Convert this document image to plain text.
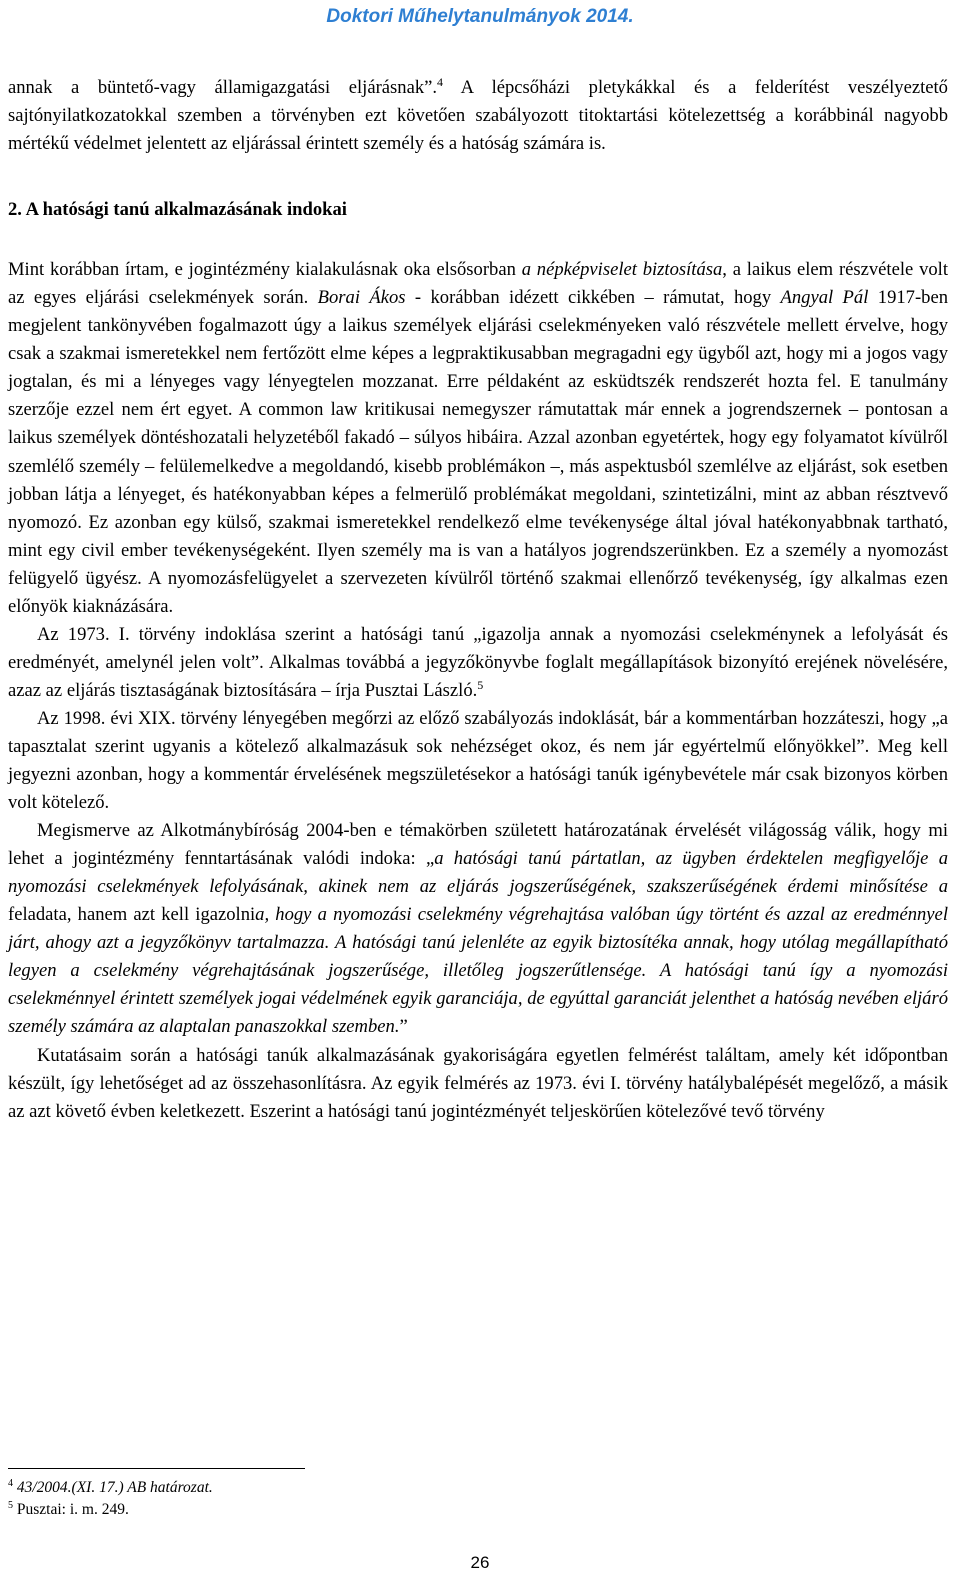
Doktori Műhelytanulmányok 2014.

annak a büntető-vagy államigazgatási eljárásnak”.$^4$ A lépcsőházi pletykákkal és a felderítést veszélyeztető sajtónyilatkozatokkal szemben a törvényben ezt követően szabályozott titoktartási kötelezettség a korábbinál nagyobb mértékű védelmet jelentett az eljárással érintett személy és a hatóság számára is.

2. A hatósági tanú alkalmazásának indokai

Mint korábban írtam, e jogintézmény kialakulásnak oka elsősorban a népképviselet biztosítása, a laikus elem részvétele volt az egyes eljárási cselekmények során. Borai Ákos - korábban idézett cikkében – rámutat, hogy Angyal Pál 1917-ben megjelent tankönyvében fogalmazott úgy a laikus személyek eljárási cselekményeken való részvétele mellett érvelve, hogy csak a szakmai ismeretekkel nem fertőzött elme képes a legpraktikusabban megragadni egy ügyből azt, hogy mi a jogos vagy jogtalan, és mi a lényeges vagy lényegtelen mozzanat. Erre példaként az esküdtszék rendszerét hozta fel. E tanulmány szerzője ezzel nem ért egyet. A common law kritikusai nemegyszer rámutattak már ennek a jogrendszernek – pontosan a laikus személyek döntéshozatali helyzetéből fakadó – súlyos hibáira. Azzal azonban egyetértek, hogy egy folyamatot kívülről szemlélő személy – felülemelkedve a megoldandó, kisebb problémákon –, más aspektusból szemlélve az eljárást, sok esetben jobban látja a lényeget, és hatékonyabban képes a felmerülő problémákat megoldani, szintetizálni, mint az abban résztvevő nyomozó. Ez azonban egy külső, szakmai ismeretekkel rendelkező elme tevékenysége által jóval hatékonyabbnak tartható, mint egy civil ember tevékenységeként. Ilyen személy ma is van a hatályos jogrendszerünkben. Ez a személy a nyomozást felügyelő ügyész. A nyomozásfelügyelet a szervezeten kívülről történő szakmai ellenőrző tevékenység, így alkalmas ezen előnyök kiaknázására.

Az 1973. I. törvény indoklása szerint a hatósági tanú „igazolja annak a nyomozási cselekménynek a lefolyását és eredményét, amelynél jelen volt”. Alkalmas továbbá a jegyzőkönyvbe foglalt megállapítások bizonyító erejének növelésére, azaz az eljárás tisztaságának biztosítására – írja Pusztai László.$^5$

Az 1998. évi XIX. törvény lényegében megőrzi az előző szabályozás indoklását, bár a kommentárban hozzáteszi, hogy „a tapasztalat szerint ugyanis a kötelező alkalmazásuk sok nehézséget okoz, és nem jár egyértelmű előnyökkel”. Meg kell jegyezni azonban, hogy a kommentár érvelésének megszületésekor a hatósági tanúk igénybevétele már csak bizonyos körben volt kötelező.

Megismerve az Alkotmánybíróság 2004-ben e témakörben született határozatának érvelését világosság válik, hogy mi lehet a jogintézmény fenntartásának valódi indoka: „a hatósági tanú pártatlan, az ügyben érdektelen megfigyelője a nyomozási cselekmények lefolyásának, akinek nem az eljárás jogszerűségének, szakszerűségének érdemi minősítése a feladata, hanem azt kell igazolnia, hogy a nyomozási cselekmény végrehajtása valóban úgy történt és azzal az eredménnyel járt, ahogy azt a jegyzőkönyv tartalmazza. A hatósági tanú jelenléte az egyik biztosítéka annak, hogy utólag megállapítható legyen a cselekmény végrehajtásának jogszerűsége, illetőleg jogszerűtlensége. A hatósági tanú így a nyomozási cselekménnyel érintett személyek jogai védelmének egyik garanciája, de egyúttal garanciát jelenthet a hatóság nevében eljáró személy számára az alaptalan panaszokkal szemben.”

Kutatásaim során a hatósági tanúk alkalmazásának gyakoriságára egyetlen felmérést találtam, amely két időpontban készült, így lehetőséget ad az összehasonlításra. Az egyik felmérés az 1973. évi I. törvény hatálybalépését megelőző, a másik az azt követő évben keletkezett. Eszerint a hatósági tanú jogintézményét teljeskörűen kötelezővé tevő törvény

$^4$ 43/2004.(XI. 17.) AB határozat.

$^5$ Pusztai: i. m. 249.

26
